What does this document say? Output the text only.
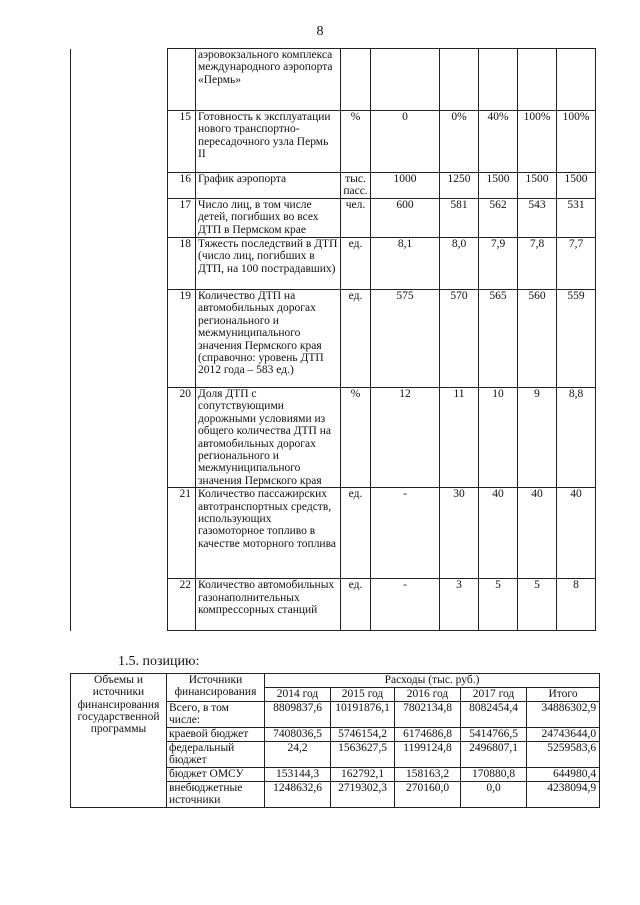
8
		аэровокзального комплекса международного аэропорта «Пермь»						
	15	Готовность к эксплуатации нового транспортно-пересадочного узла Пермь II	%	0	0%	40%	100%	100%
	16	График аэропорта	тыс. пасс.	1000	1250	1500	1500	1500
	17	Число лиц, в том числе детей, погибших во всех ДТП в Пермском крае	чел.	600	581	562	543	531
	18	Тяжесть последствий в ДТП (число лиц, погибших в ДТП, на 100 пострадавших)	ед.	8,1	8,0	7,9	7,8	7,7
	19	Количество ДТП на автомобильных дорогах регионального и межмуниципального значения Пермского края (справочно: уровень ДТП 2012 года – 583 ед.)	ед.	575	570	565	560	559
	20	Доля ДТП с сопутствующими дорожными условиями из общего количества ДТП на автомобильных дорогах регионального и межмуниципального значения Пермского края	%	12	11	10	9	8,8
	21	Количество пассажирских автотранспортных средств, использующих газомоторное топливо в качестве моторного топлива	ед.	-	30	40	40	40
	22	Количество автомобильных газонаполнительных компрессорных станций	ед.	-	3	5	5	8
1.5. позицию:
Объемы и источники финансирования государственной программы	Источники финансирования	Расходы (тыс. руб.)				
		2014 год	2015 год	2016 год	2017 год	Итого
	Всего, в том числе:	8809837,6	10191876,1	7802134,8	8082454,4	34886302,9
	краевой бюджет	7408036,5	5746154,2	6174686,8	5414766,5	24743644,0
	федеральный бюджет	24,2	1563627,5	1199124,8	2496807,1	5259583,6
	бюджет ОМСУ	153144,3	162792,1	158163,2	170880,8	644980,4
	внебюджетные источники	1248632,6	2719302,3	270160,0	0,0	4238094,9
